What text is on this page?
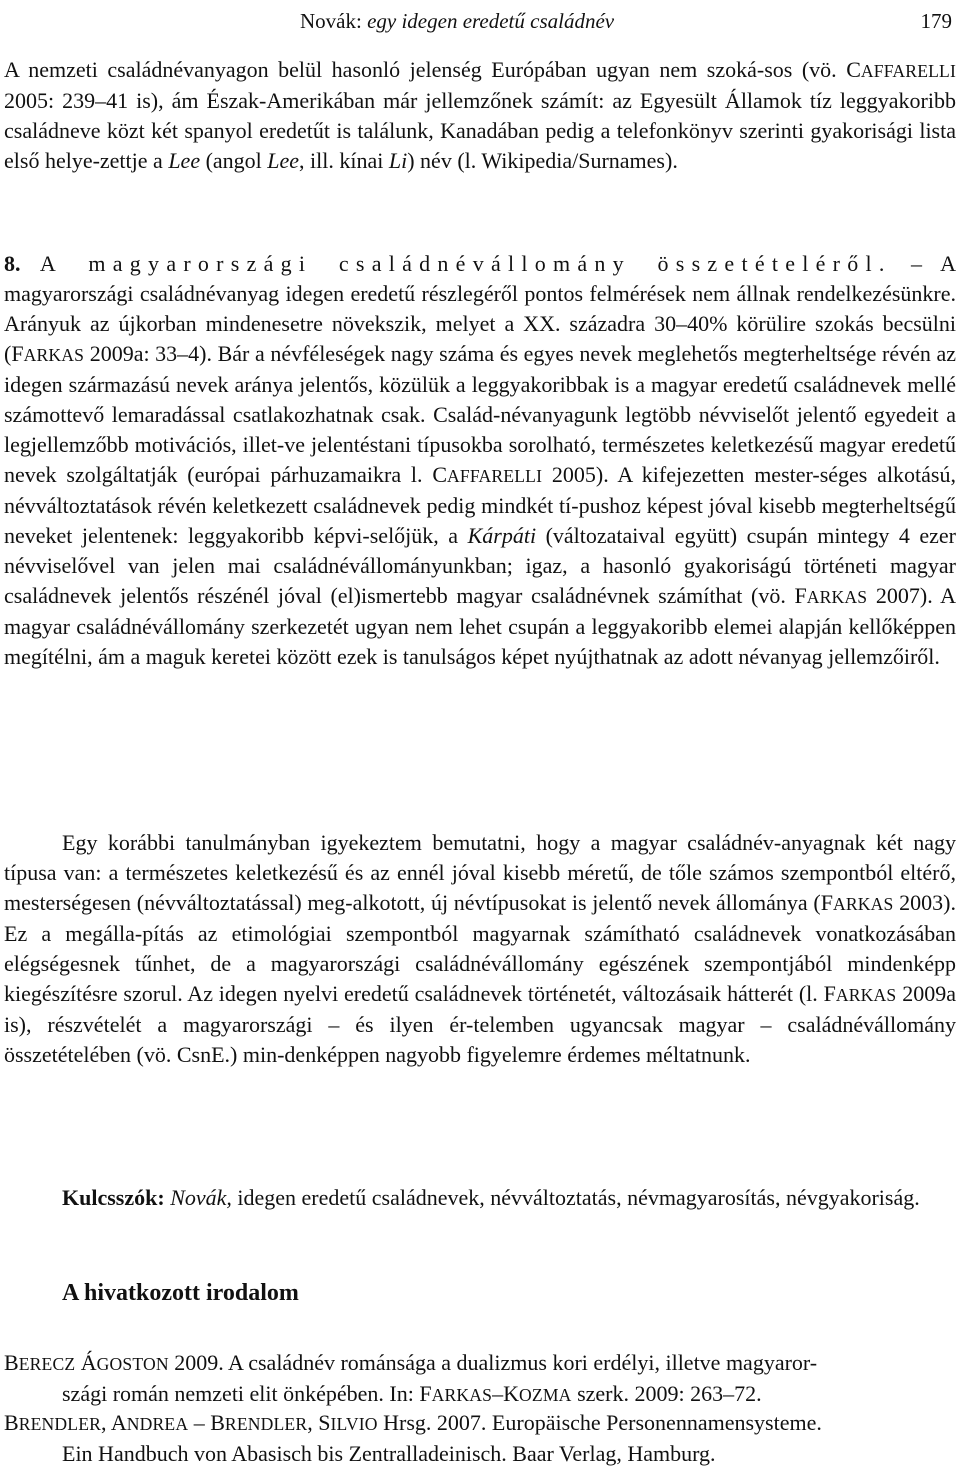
Novák: egy idegen eredetű családnév	179
A nemzeti családnévanyagon belül hasonló jelenség Európában ugyan nem szoká-sos (vö. CAFFARELLI 2005: 239–41 is), ám Észak-Amerikában már jellemzőnek számít: az Egyesült Államok tíz leggyakoribb családneve közt két spanyol eredetűt is találunk, Kanadában pedig a telefonkönyv szerinti gyakorisági lista első helye-zettje a Lee (angol Lee, ill. kínai Li) név (l. Wikipedia/Surnames).
8. A magyarországi családnévállomány összetételéről. – A magyarországi családnévanyag idegen eredetű részlegéről pontos felmérések nem állnak rendelkezésünkre. Arányuk az újkorban mindenesetre növekszik, melyet a XX. századra 30–40% körülire szokás becsülni (FARKAS 2009a: 33–4). Bár a névféleségek nagy száma és egyes nevek meglehetős megterheltsége révén az idegen származású nevek aránya jelentős, közülük a leggyakoribbak is a magyar eredetű családnevek mellé számottevő lemaradással csatlakozhatnak csak. Család-névanyagunk legtöbb névviselőt jelentő egyedeit a legjellemzőbb motivációs, illet-ve jelentéstani típusokba sorolható, természetes keletkezésű magyar eredetű nevek szolgáltatják (európai párhuzamaikra l. CAFFARELLI 2005). A kifejezetten mester-séges alkotású, névváltoztatások révén keletkezett családnevek pedig mindkét tí-pushoz képest jóval kisebb megterheltségű neveket jelentenek: leggyakoribb képvi-selőjük, a Kárpáti (változataival együtt) csupán mintegy 4 ezer névviselővel van jelen mai családnévállományunkban; igaz, a hasonló gyakoriságú történeti magyar családnevek jelentős részénél jóval (el)ismertebb magyar családnévnek számíthat (vö. FARKAS 2007). A magyar családnévállomány szerkezetét ugyan nem lehet csupán a leggyakoribb elemei alapján kellőképpen megítélni, ám a maguk keretei között ezek is tanulságos képet nyújthatnak az adott névanyag jellemzőiről.
Egy korábbi tanulmányban igyekeztem bemutatni, hogy a magyar családnév-anyagnak két nagy típusa van: a természetes keletkezésű és az ennél jóval kisebb méretű, de tőle számos szempontból eltérő, mesterségesen (névváltoztatással) meg-alkotott, új névtípusokat is jelentő nevek állománya (FARKAS 2003). Ez a megálla-pítás az etimológiai szempontból magyarnak számítható családnevek vonatkozásában elégségesnek tűnhet, de a magyarországi családnévállomány egészének szempontjából mindenképp kiegészítésre szorul. Az idegen nyelvi eredetű családnevek történetét, változásaik hátterét (l. FARKAS 2009a is), részvételét a magyarországi – és ilyen ér-telemben ugyancsak magyar – családnévállomány összetételében (vö. CsnE.) min-denképpen nagyobb figyelemre érdemes méltatnunk.
Kulcsszók: Novák, idegen eredetű családnevek, névváltoztatás, névmagyarosítás, névgyakoriság.
A hivatkozott irodalom
BERECZ ÁGOSTON 2009. A családnév románsága a dualizmus kori erdélyi, illetve magyaror-
szági román nemzeti elit önképében. In: FARKAS–KOZMA szerk. 2009: 263–72.
BRENDLER, ANDREA – BRENDLER, SILVIO Hrsg. 2007. Europäische Personennamensysteme.
Ein Handbuch von Abasisch bis Zentralladeinisch. Baar Verlag, Hamburg.
